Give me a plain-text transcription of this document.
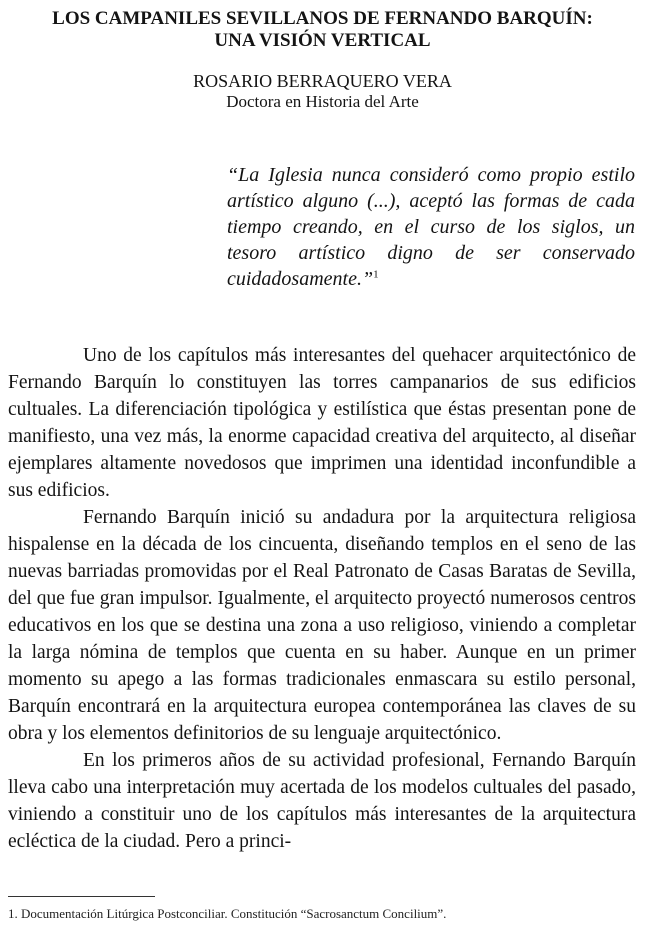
LOS CAMPANILES SEVILLANOS DE FERNANDO BARQUÍN:
UNA VISIÓN VERTICAL
ROSARIO BERRAQUERO VERA
Doctora en Historia del Arte
“La Iglesia nunca consideró como propio estilo artístico alguno (...), aceptó las formas de cada tiempo creando, en el curso de los siglos, un tesoro artístico digno de ser conservado cuidadosamente.”$^1$

Uno de los capítulos más interesantes del quehacer arquitectónico de Fernando Barquín lo constituyen las torres campanarios de sus edificios cultuales. La diferenciación tipológica y estilística que éstas presentan pone de manifiesto, una vez más, la enorme capacidad creativa del arquitecto, al diseñar ejemplares altamente novedosos que imprimen una identidad inconfundible a sus edificios.

Fernando Barquín inició su andadura por la arquitectura religiosa hispalense en la década de los cincuenta, diseñando templos en el seno de las nuevas barriadas promovidas por el Real Patronato de Casas Baratas de Sevilla, del que fue gran impulsor. Igualmente, el arquitecto proyectó numerosos centros educativos en los que se destina una zona a uso religioso, viniendo a completar la larga nómina de templos que cuenta en su haber. Aunque en un primer momento su apego a las formas tradicionales enmascara su estilo personal, Barquín encontrará en la arquitectura europea contemporánea las claves de su obra y los elementos definitorios de su lenguaje arquitectónico.

En los primeros años de su actividad profesional, Fernando Barquín lleva cabo una interpretación muy acertada de los modelos cultuales del pasado, viniendo a constituir uno de los capítulos más interesantes de la arquitectura ecléctica de la ciudad. Pero a princi-

1. Documentación Litúrgica Postconciliar. Constitución “Sacrosanctum Concilium”.
